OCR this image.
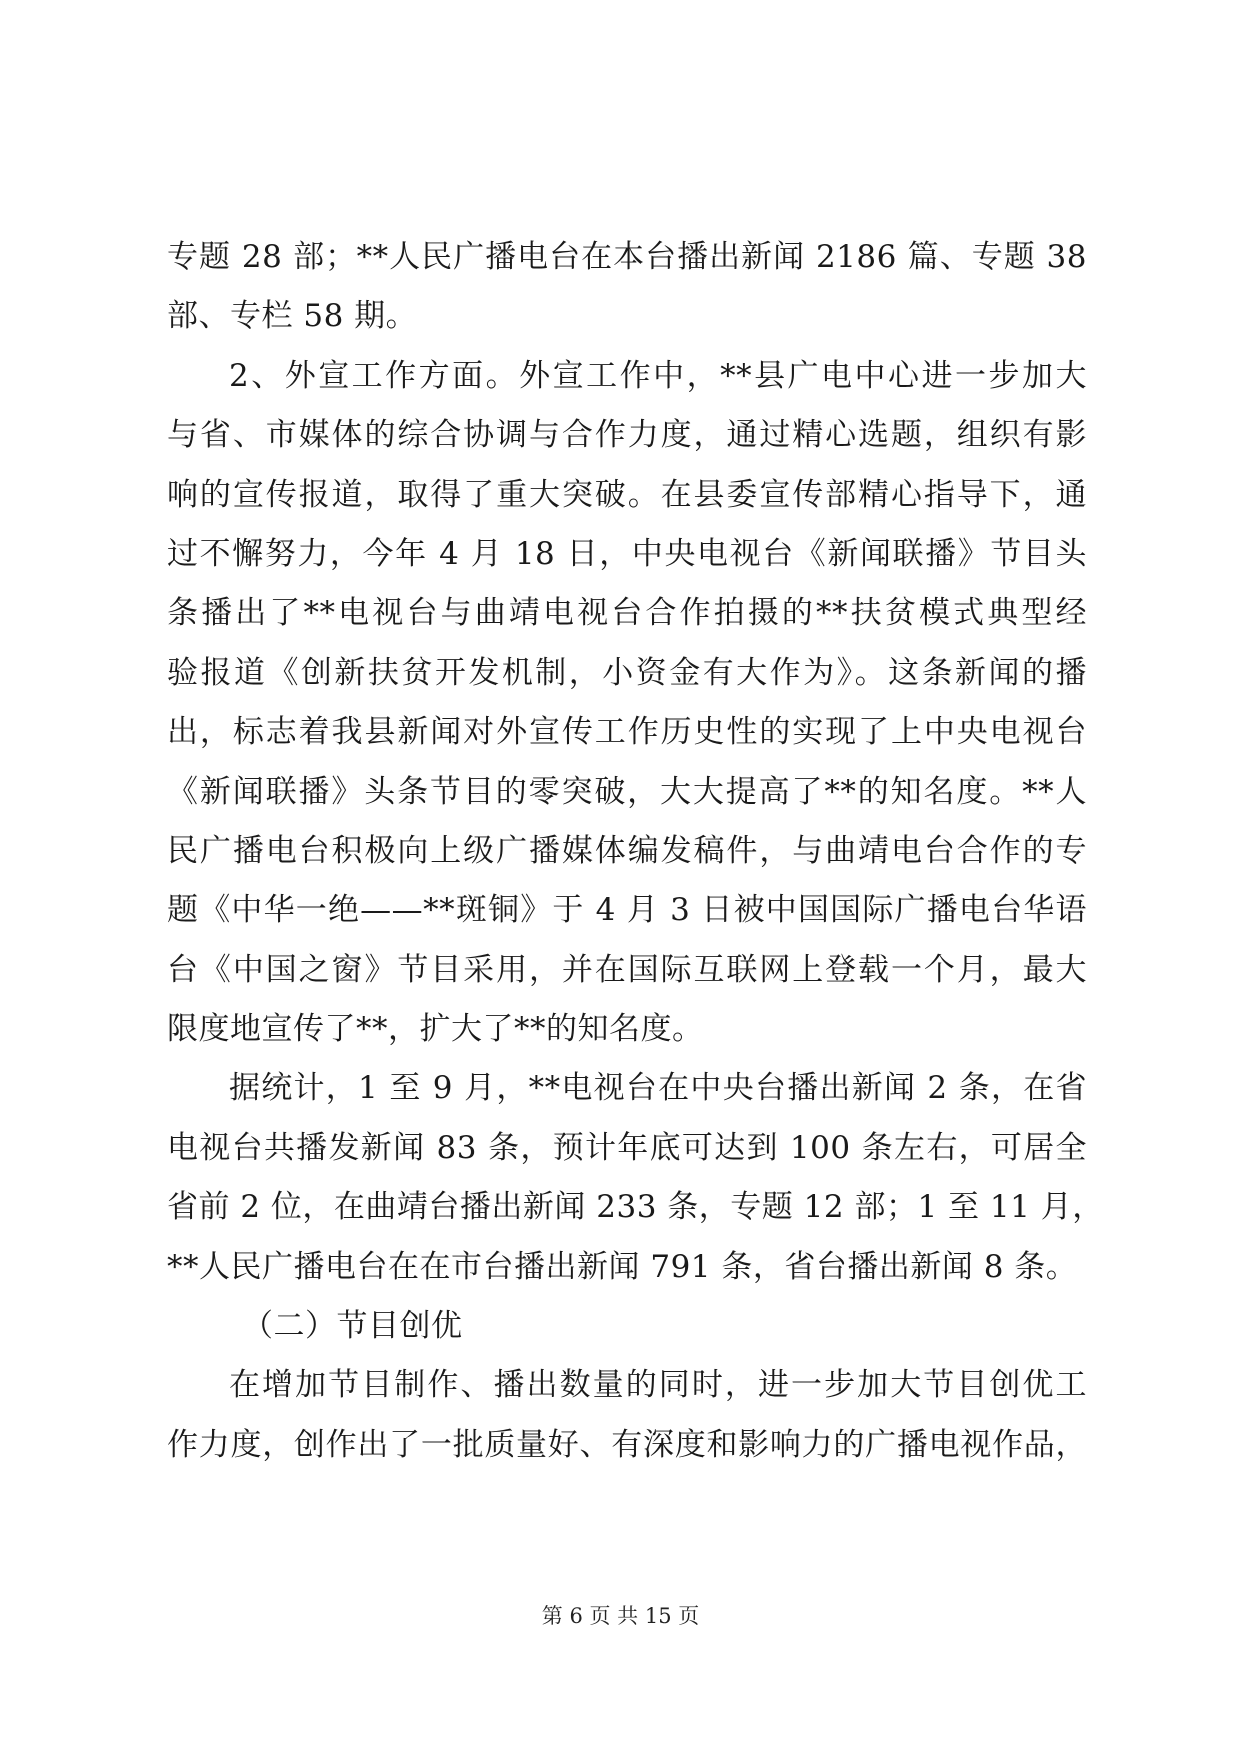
专题 28 部；**人民广播电台在本台播出新闻 2186 篇、专题 38
部、专栏 58 期。
2、外宣工作方面。外宣工作中，**县广电中心进一步加大
与省、市媒体的综合协调与合作力度，通过精心选题，组织有影
响的宣传报道，取得了重大突破。在县委宣传部精心指导下，通
过不懈努力，今年 4 月 18 日，中央电视台《新闻联播》节目头
条播出了**电视台与曲靖电视台合作拍摄的**扶贫模式典型经
验报道《创新扶贫开发机制，小资金有大作为》。这条新闻的播
出，标志着我县新闻对外宣传工作历史性的实现了上中央电视台
《新闻联播》头条节目的零突破，大大提高了**的知名度。**人
民广播电台积极向上级广播媒体编发稿件，与曲靖电台合作的专
题《中华一绝——**斑铜》于 4 月 3 日被中国国际广播电台华语
台《中国之窗》节目采用，并在国际互联网上登载一个月，最大
限度地宣传了**，扩大了**的知名度。
据统计，1 至 9 月，**电视台在中央台播出新闻 2 条，在省
电视台共播发新闻 83 条，预计年底可达到 100 条左右，可居全
省前 2 位，在曲靖台播出新闻 233 条，专题 12 部；1 至 11 月，
**人民广播电台在在市台播出新闻 791 条，省台播出新闻 8 条。
（二）节目创优
在增加节目制作、播出数量的同时，进一步加大节目创优工
作力度，创作出了一批质量好、有深度和影响力的广播电视作品，
第 6 页 共 15 页
